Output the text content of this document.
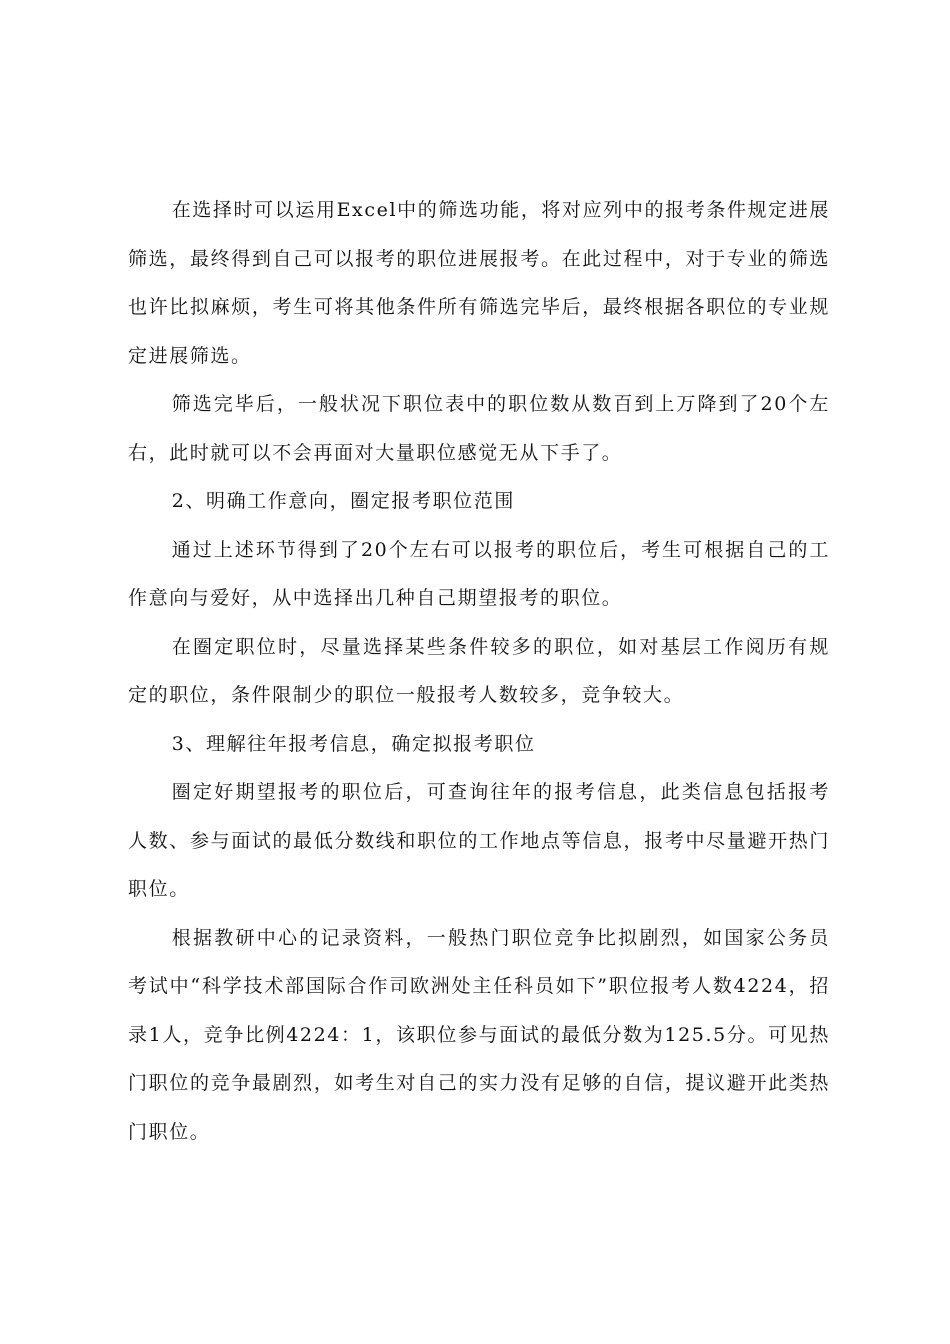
在选择时可以运用Excel中的筛选功能，将对应列中的报考条件规定进展筛选，最终得到自己可以报考的职位进展报考。在此过程中，对于专业的筛选也许比拟麻烦，考生可将其他条件所有筛选完毕后，最终根据各职位的专业规定进展筛选。

筛选完毕后，一般状况下职位表中的职位数从数百到上万降到了20个左右，此时就可以不会再面对大量职位感觉无从下手了。

2、明确工作意向，圈定报考职位范围

通过上述环节得到了20个左右可以报考的职位后，考生可根据自己的工作意向与爱好，从中选择出几种自己期望报考的职位。

在圈定职位时，尽量选择某些条件较多的职位，如对基层工作阅历有规定的职位，条件限制少的职位一般报考人数较多，竞争较大。

3、理解往年报考信息，确定拟报考职位

圈定好期望报考的职位后，可查询往年的报考信息，此类信息包括报考人数、参与面试的最低分数线和职位的工作地点等信息，报考中尽量避开热门职位。

根据教研中心的记录资料，一般热门职位竞争比拟剧烈，如国家公务员考试中“科学技术部国际合作司欧洲处主任科员如下”职位报考人数4224，招录1人，竞争比例4224：1，该职位参与面试的最低分数为125.5分。可见热门职位的竞争最剧烈，如考生对自己的实力没有足够的自信，提议避开此类热门职位。
